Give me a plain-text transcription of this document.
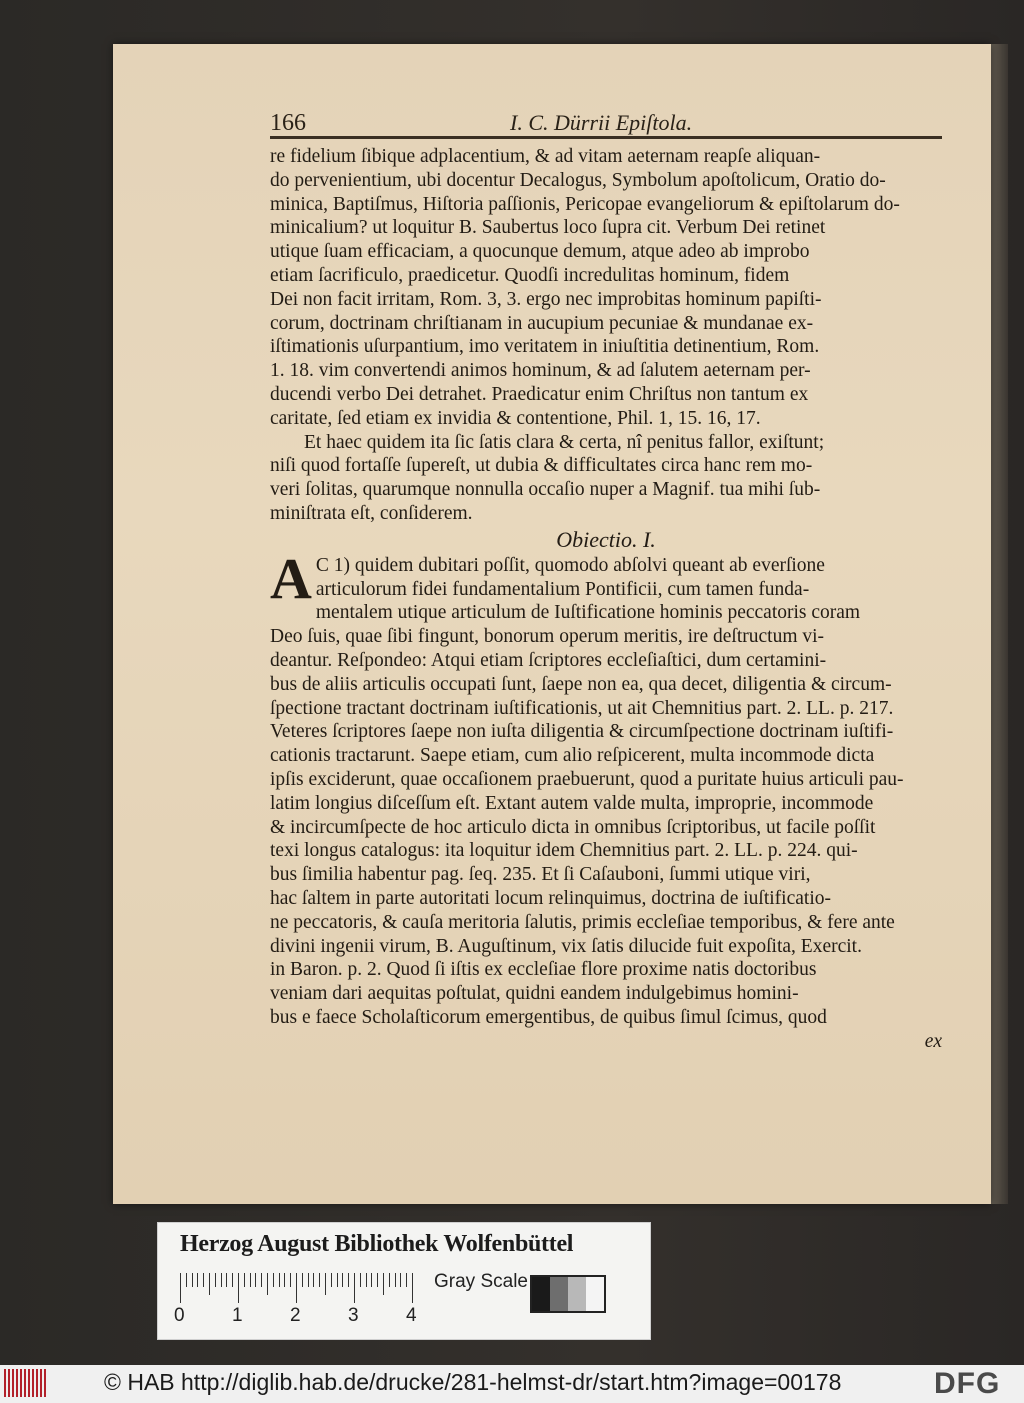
166	I. C. Dürrii Epiſtola.
re fidelium ſibique adplacentium, & ad vitam aeternam reapſe aliquan-
do pervenientium, ubi docentur Decalogus, Symbolum apoſtolicum, Oratio do-
minica, Baptiſmus, Hiſtoria paſſionis, Pericopae evangeliorum & epiſtolarum do-
minicalium? ut loquitur B. Saubertus loco ſupra cit. Verbum Dei retinet
utique ſuam efficaciam, a quocunque demum, atque adeo ab improbo
etiam ſacrificulo, praedicetur. Quodſi incredulitas hominum, fidem
Dei non facit irritam, Rom. 3, 3. ergo nec improbitas hominum papiſti-
corum, doctrinam chriſtianam in aucupium pecuniae & mundanae ex-
iſtimationis uſurpantium, imo veritatem in iniuſtitia detinentium, Rom.
1. 18. vim convertendi animos hominum, & ad ſalutem aeternam per-
ducendi verbo Dei detrahet. Praedicatur enim Chriſtus non tantum ex
caritate, ſed etiam ex invidia & contentione, Phil. 1, 15. 16, 17.
Et haec quidem ita ſic ſatis clara & certa, nî penitus fallor, exiſtunt;
niſi quod fortaſſe ſupereſt, ut dubia & difficultates circa hanc rem mo-
veri ſolitas, quarumque nonnulla occaſio nuper a Magnif. tua mihi ſub-
miniſtrata eſt, conſiderem.
Obiectio. I.
A C 1) quidem dubitari poſſit, quomodo abſolvi queant ab everſione
articulorum fidei fundamentalium Pontificii, cum tamen funda-
mentalem utique articulum de Iuſtificatione hominis peccatoris coram
Deo ſuis, quae ſibi fingunt, bonorum operum meritis, ire deſtructum vi-
deantur. Reſpondeo: Atqui etiam ſcriptores eccleſiaſtici, dum certamini-
bus de aliis articulis occupati ſunt, ſaepe non ea, qua decet, diligentia & circum-
ſpectione tractant doctrinam iuſtificationis, ut ait Chemnitius part. 2. LL. p. 217.
Veteres ſcriptores ſaepe non iuſta diligentia & circumſpectione doctrinam iuſtifi-
cationis tractarunt. Saepe etiam, cum alio reſpicerent, multa incommode dicta
ipſis exciderunt, quae occaſionem praebuerunt, quod a puritate huius articuli pau-
latim longius diſceſſum eſt. Extant autem valde multa, improprie, incommode
& incircumſpecte de hoc articulo dicta in omnibus ſcriptoribus, ut facile poſſit
texi longus catalogus: ita loquitur idem Chemnitius part. 2. LL. p. 224. qui-
bus ſimilia habentur pag. ſeq. 235. Et ſi Caſauboni, ſummi utique viri,
hac ſaltem in parte autoritati locum relinquimus, doctrina de iuſtificatio-
ne peccatoris, & cauſa meritoria ſalutis, primis eccleſiae temporibus, & fere ante
divini ingenii virum, B. Auguſtinum, vix ſatis dilucide fuit expoſita, Exercit.
in Baron. p. 2. Quod ſi iſtis ex eccleſiae flore proxime natis doctoribus
veniam dari aequitas poſtulat, quidni eandem indulgebimus homini-
bus e faece Scholaſticorum emergentibus, de quibus ſimul ſcimus, quod
ex
Herzog August Bibliothek Wolfenbüttel
0 1 2 3 4
Gray Scale
© HAB http://diglib.hab.de/drucke/281-helmst-dr/start.htm?image=00178	DFG
